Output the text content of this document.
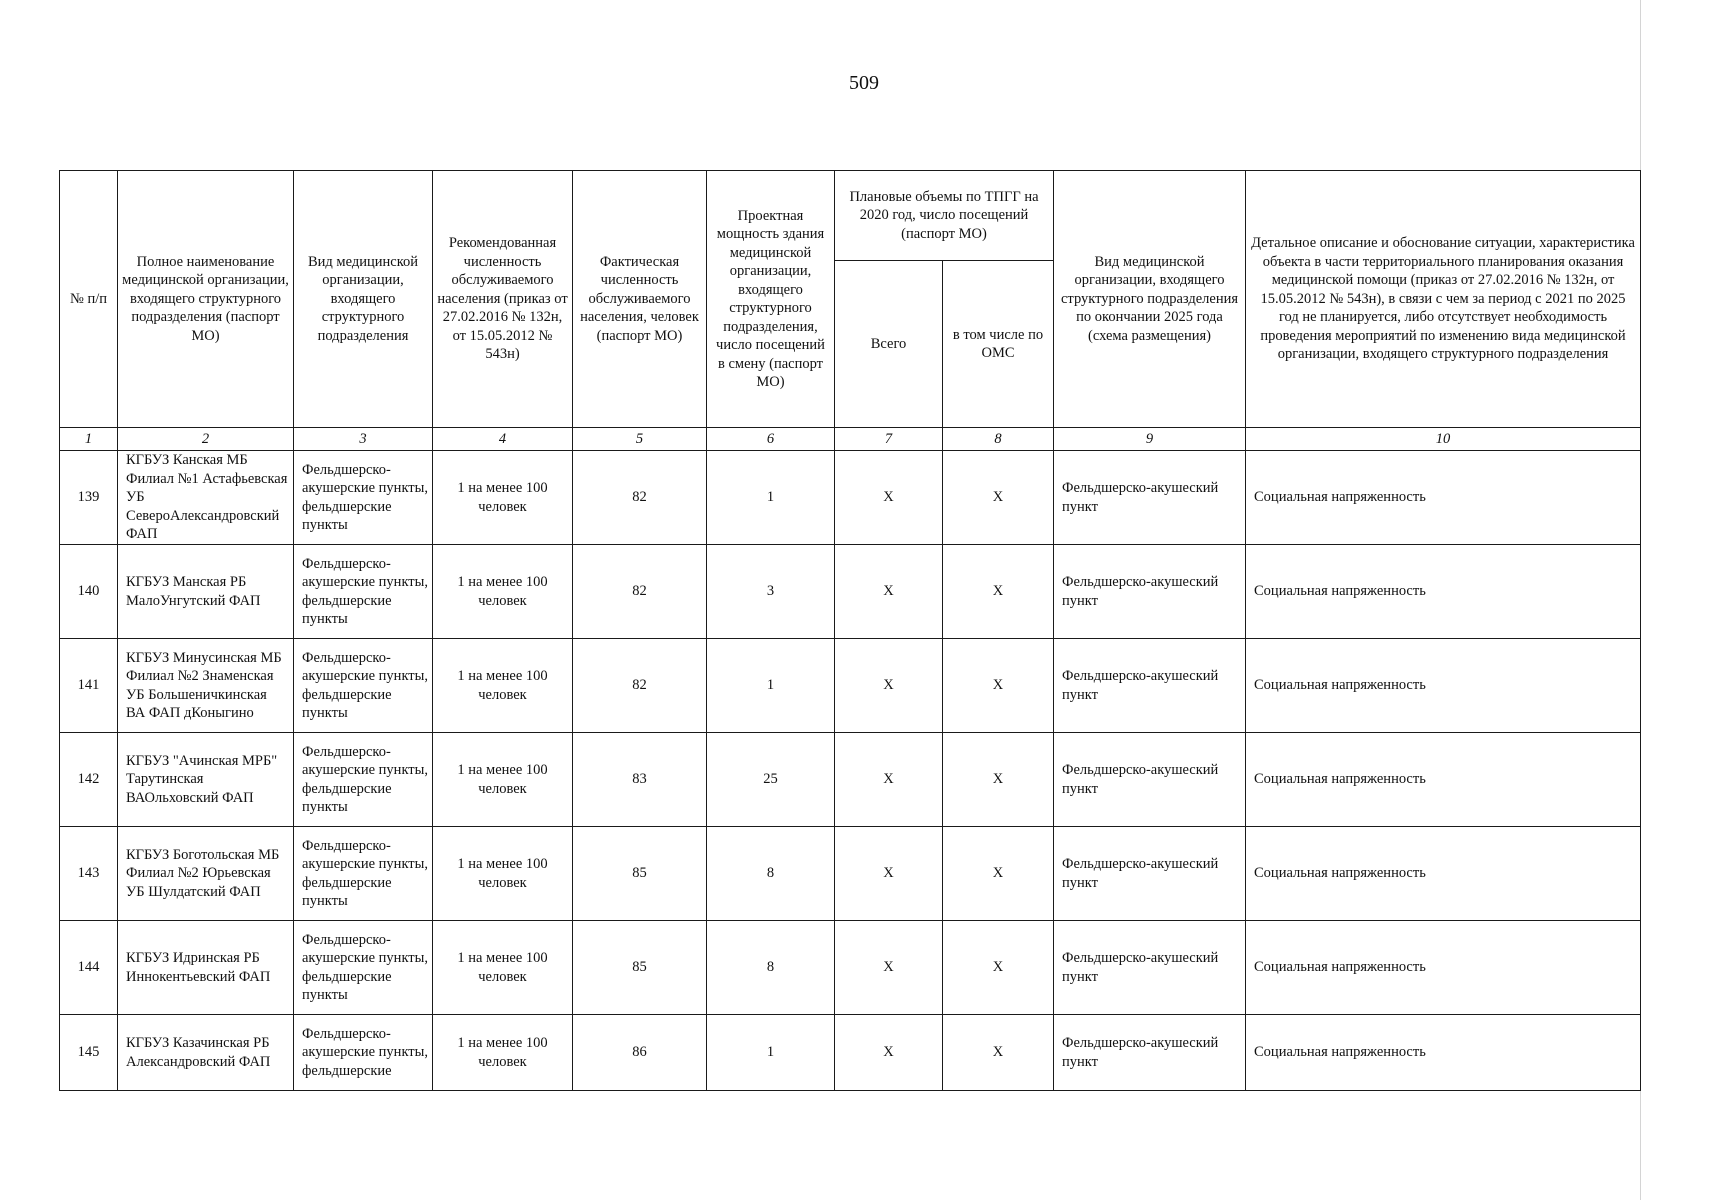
509
№ п/п	Полное наименование медицинской организации, входящего структурного подразделения (паспорт МО)	Вид медицинской организации, входящего структурного подразделения	Рекомендованная численность обслуживаемого населения (приказ от 27.02.2016 № 132н, от 15.05.2012 № 543н)	Фактическая численность обслуживаемого населения, человек (паспорт МО)	Проектная мощность здания медицинской организации, входящего структурного подразделения, число посещений в смену (паспорт МО)	Плановые объемы по ТПГГ на 2020 год, число посещений (паспорт МО)		Вид медицинской организации, входящего структурного подразделения по окончании 2025 года (схема размещения)	Детальное описание и обоснование ситуации, характеристика объекта в части территориального планирования оказания медицинской помощи (приказ от 27.02.2016 № 132н, от 15.05.2012 № 543н), в связи с чем за период с 2021 по 2025 год не планируется, либо отсутствует необходимость проведения мероприятий по изменению вида медицинской организации, входящего структурного подразделения
						Всего	в том числе по ОМС		
1	2	3	4	5	6	7	8	9	10
139	КГБУЗ Канская МБ Филиал №1 Астафьевская УБ СевероАлександровский ФАП	Фельдшерско-акушерские пункты, фельдшерские пункты	1 на менее 100 человек	82	1	X	X	Фельдшерско-акушеский пункт	Социальная напряженность
140	КГБУЗ Манская РБ МалоУнгутский ФАП	Фельдшерско-акушерские пункты, фельдшерские пункты	1 на менее 100 человек	82	3	X	X	Фельдшерско-акушеский пункт	Социальная напряженность
141	КГБУЗ Минусинская МБ Филиал №2 Знаменская УБ Большеничкинская ВА ФАП дКоныгино	Фельдшерско-акушерские пункты, фельдшерские пункты	1 на менее 100 человек	82	1	X	X	Фельдшерско-акушеский пункт	Социальная напряженность
142	КГБУЗ "Ачинская МРБ" Тарутинская ВАОльховский ФАП	Фельдшерско-акушерские пункты, фельдшерские пункты	1 на менее 100 человек	83	25	X	X	Фельдшерско-акушеский пункт	Социальная напряженность
143	КГБУЗ Боготольская МБ Филиал №2 Юрьевская УБ Шулдатский ФАП	Фельдшерско-акушерские пункты, фельдшерские пункты	1 на менее 100 человек	85	8	X	X	Фельдшерско-акушеский пункт	Социальная напряженность
144	КГБУЗ Идринская РБ Иннокентьевский ФАП	Фельдшерско-акушерские пункты, фельдшерские пункты	1 на менее 100 человек	85	8	X	X	Фельдшерско-акушеский пункт	Социальная напряженность
145	КГБУЗ Казачинская РБ Александровский ФАП	Фельдшерско-акушерские пункты, фельдшерские	1 на менее 100 человек	86	1	X	X	Фельдшерско-акушеский пункт	Социальная напряженность
